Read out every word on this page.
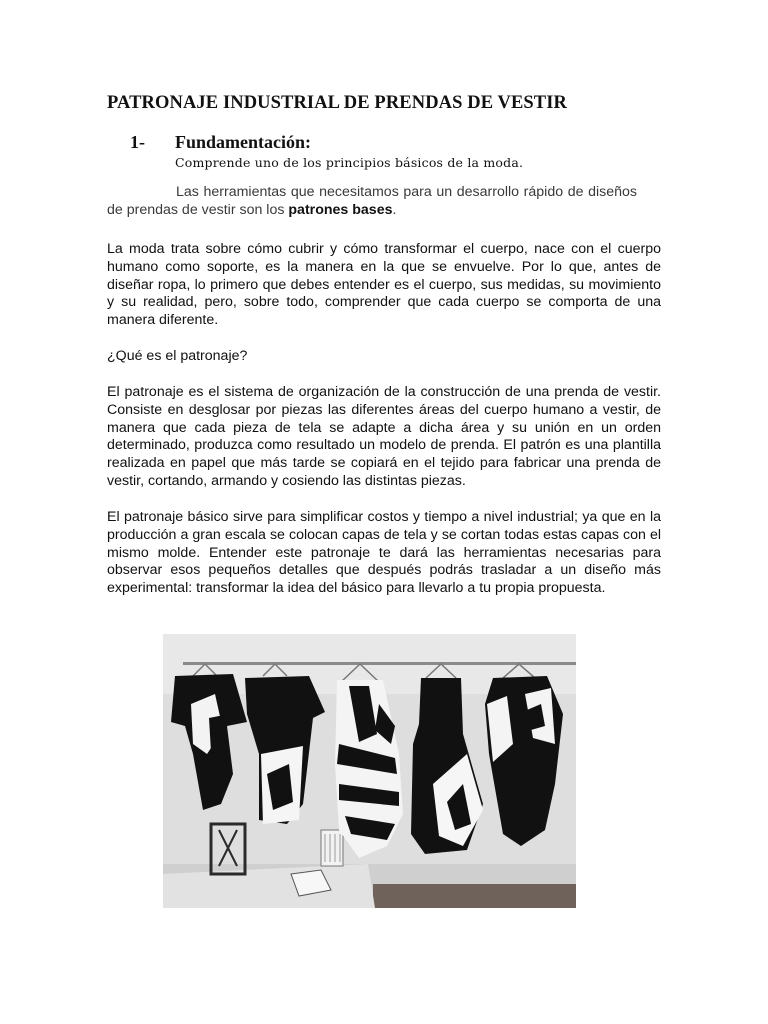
PATRONAJE INDUSTRIAL DE PRENDAS DE VESTIR
1- Fundamentación:
Comprende uno de los principios básicos de la moda.

Las herramientas que necesitamos para un desarrollo rápido de diseños de prendas de vestir son los patrones bases.

La moda trata sobre cómo cubrir y cómo transformar el cuerpo, nace con el cuerpo humano como soporte, es la manera en la que se envuelve. Por lo que, antes de diseñar ropa, lo primero que debes entender es el cuerpo, sus medidas, su movimiento y su realidad, pero, sobre todo, comprender que cada cuerpo se comporta de una manera diferente.

¿Qué es el patronaje?

El patronaje es el sistema de organización de la construcción de una prenda de vestir. Consiste en desglosar por piezas las diferentes áreas del cuerpo humano a vestir, de manera que cada pieza de tela se adapte a dicha área y su unión en un orden determinado, produzca como resultado un modelo de prenda. El patrón es una plantilla realizada en papel que más tarde se copiará en el tejido para fabricar una prenda de vestir, cortando, armando y cosiendo las distintas piezas.

El patronaje básico sirve para simplificar costos y tiempo a nivel industrial; ya que en la producción a gran escala se colocan capas de tela y se cortan todas estas capas con el mismo molde. Entender este patronaje te dará las herramientas necesarias para observar esos pequeños detalles que después podrás trasladar a un diseño más experimental: transformar la idea del básico para llevarlo a tu propia propuesta.
